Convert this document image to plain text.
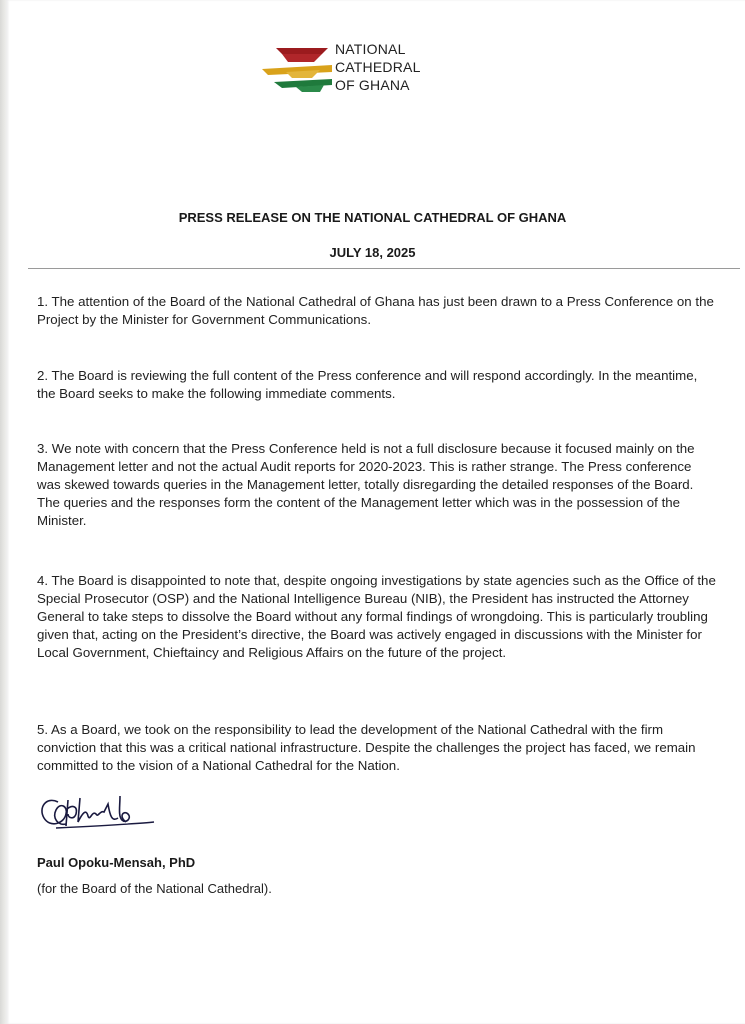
NATIONAL
CATHEDRAL
OF GHANA
PRESS RELEASE ON THE NATIONAL CATHEDRAL OF GHANA
JULY 18, 2025
1. The attention of the Board of the National Cathedral of Ghana has just been drawn to a Press Conference on the Project by the Minister for Government Communications.
2. The Board is reviewing the full content of the Press conference and will respond accordingly. In the meantime, the Board seeks to make the following immediate comments.
3. We note with concern that the Press Conference held is not a full disclosure because it focused mainly on the Management letter and not the actual Audit reports for 2020-2023. This is rather strange. The Press conference was skewed towards queries in the Management letter, totally disregarding the detailed responses of the Board. The queries and the responses form the content of the Management letter which was in the possession of the Minister.
4. The Board is disappointed to note that, despite ongoing investigations by state agencies such as the Office of the Special Prosecutor (OSP) and the National Intelligence Bureau (NIB), the President has instructed the Attorney General to take steps to dissolve the Board without any formal findings of wrongdoing. This is particularly troubling given that, acting on the President’s directive, the Board was actively engaged in discussions with the Minister for Local Government, Chieftaincy and Religious Affairs on the future of the project.
5. As a Board, we took on the responsibility to lead the development of the National Cathedral with the firm conviction that this was a critical national infrastructure. Despite the challenges the project has faced, we remain committed to the vision of a National Cathedral for the Nation.
Paul Opoku-Mensah, PhD
(for the Board of the National Cathedral).
